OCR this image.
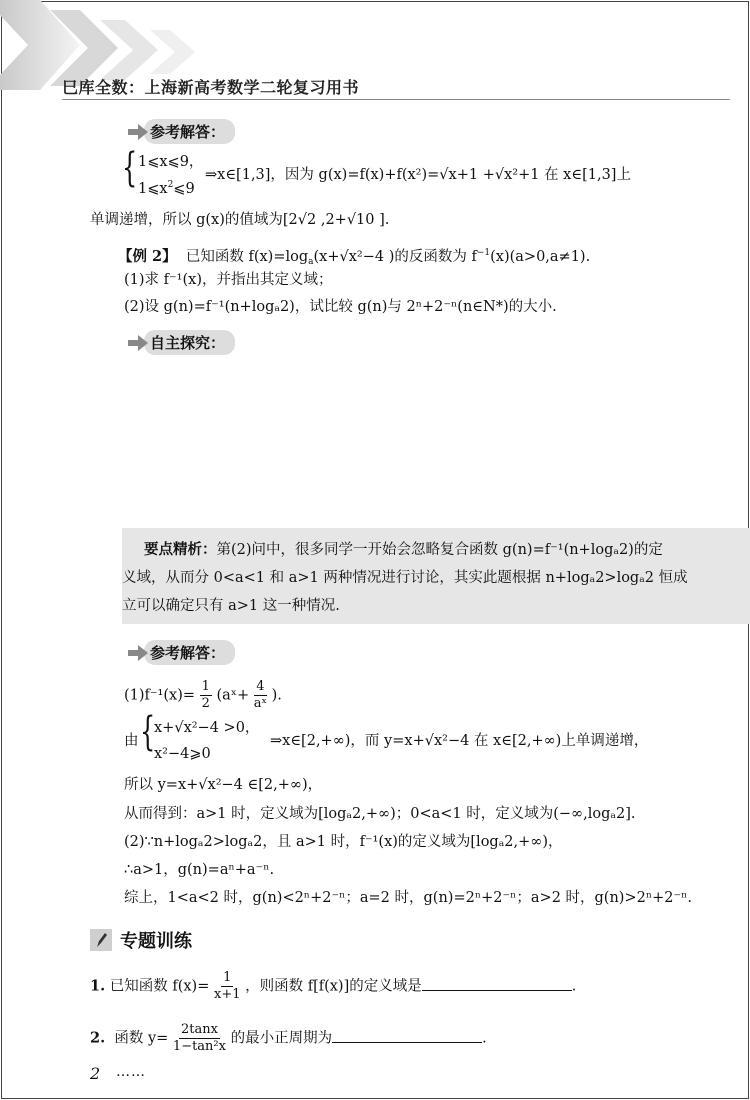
巳库全数：上海新高考数学二轮复习用书
参考解答：
{ 1⩽x⩽9，
$1⩽x^2⩽9$
⇒x∈[1,3]，因为 g(x)=f(x)+f(x²)=√x+1 +√x²+1 在 x∈[1,3]上
单调递增，所以 g(x)的值域为[2√2 ,2+√10 ].
【例 2】 已知函数 $f(x)=\log_a(x+√x^2-4$ )的反函数为 $f^{-1}(x)(a>0,a\ne 1)$.
(1)求 f⁻¹(x)，并指出其定义域；
(2)设 g(n)=f⁻¹(n+logₐ2)，试比较 g(n)与 2ⁿ+2⁻ⁿ(n∈N*)的大小.
自主探究：

要点精析：第(2)问中，很多同学一开始会忽略复合函数 g(n)=f⁻¹(n+logₐ2)的定

义域，从而分 0<a<1 和 a>1 两种情况进行讨论，其实此题根据 n+logₐ2>logₐ2 恒成

立可以确定只有 a>1 这一种情况.

参考解答：
$(1)f^{-1}(x)= \frac{1}{2}$ (aˣ+ $\frac{4}{\text{aˣ}}$ ).
由 {
x+√x²−4 >0，
x²−4⩾0
⇒x∈[2,+∞)，而 y=x+√x²−4 在 x∈[2,+∞)上单调递增，
所以 y=x+√x²−4 ∈[2,+∞)，
从而得到：a>1 时，定义域为[logₐ2,+∞)；0<a<1 时，定义域为(−∞,logₐ2].
(2)∵n+logₐ2>logₐ2，且 a>1 时，f⁻¹(x)的定义域为[logₐ2,+∞)，
∴a>1，g(n)=aⁿ+a⁻ⁿ.
综上，1<a<2 时，g(n)<2ⁿ+2⁻ⁿ；a=2 时，g(n)=2ⁿ+2⁻ⁿ；a>2 时，g(n)>2ⁿ+2⁻ⁿ.
专题训练
1. 已知函数 $f(x)= \frac{1}{x+1}$ ，则函数 f[f(x)]的定义域是	.
2. 函数 $y= \frac{2\tan x}{\text{1−tan²x}}$ 的最小正周期为	.
2 ……
